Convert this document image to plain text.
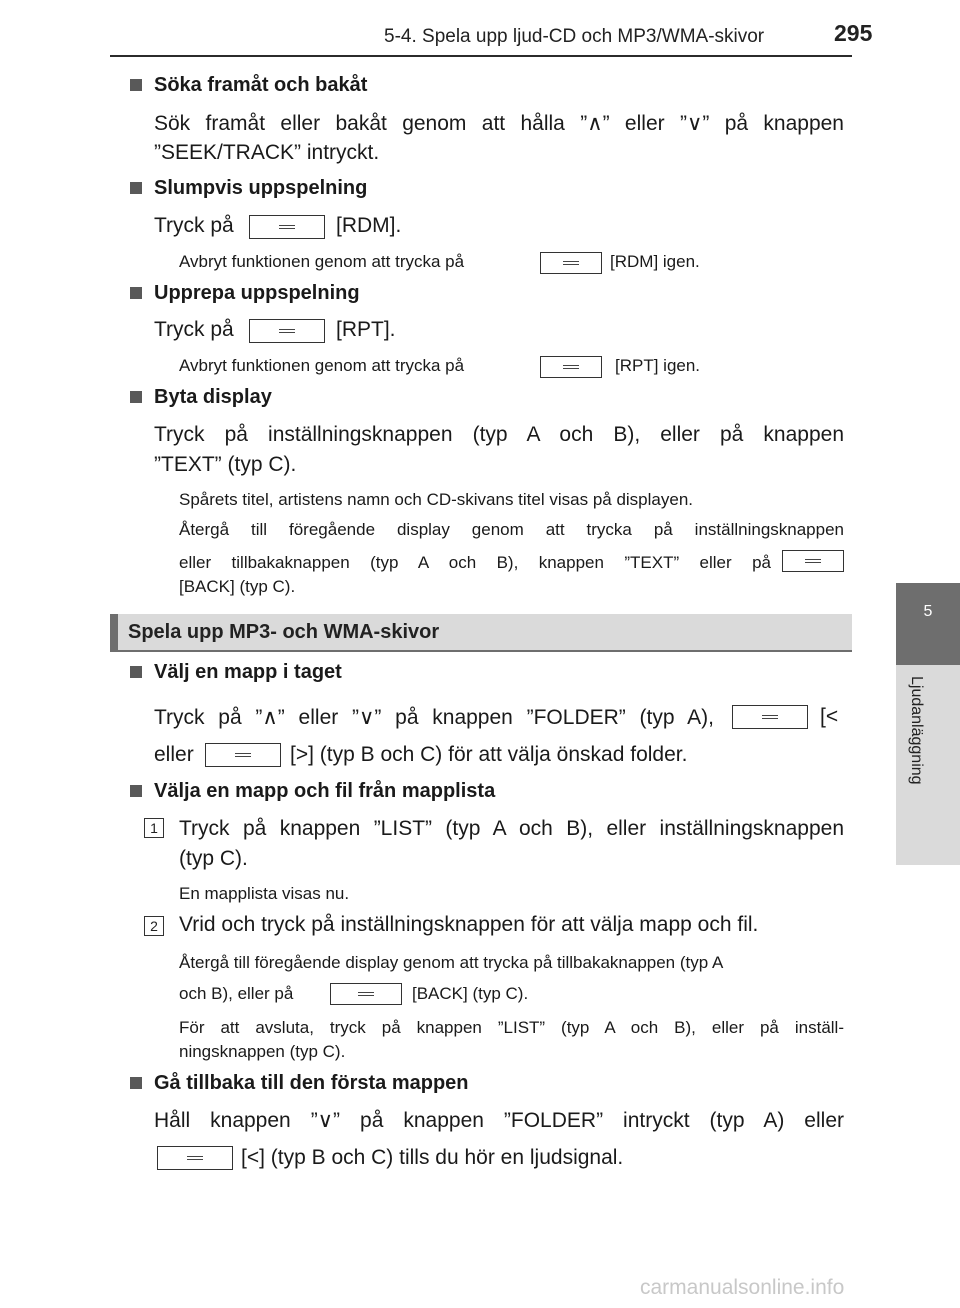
5-4. Spela upp ljud-CD och MP3/WMA-skivor	295
5
Ljudanläggning
Söka framåt och bakåt
Sök framåt eller bakåt genom att hålla ”∧” eller ”∨” på knappen
”SEEK/TRACK” intryckt.
Slumpvis uppspelning
Tryck på	[RDM].
Avbryt funktionen genom att trycka på	[RDM] igen.
Upprepa uppspelning
Tryck på	[RPT].
Avbryt funktionen genom att trycka på	[RPT] igen.
Byta display
Tryck på inställningsknappen (typ A och B), eller på knappen
”TEXT” (typ C).
Spårets titel, artistens namn och CD-skivans titel visas på displayen.
Återgå till föregående display genom att trycka på inställningsknappen
eller tillbakaknappen (typ A och B), knappen ”TEXT” eller på
[BACK] (typ C).
Spela upp MP3- och WMA-skivor
Välj en mapp i taget
Tryck på ”∧” eller ”∨” på knappen ”FOLDER” (typ A),	[<
eller	[>] (typ B och C) för att välja önskad folder.
Välja en mapp och fil från mapplista
1 Tryck på knappen ”LIST” (typ A och B), eller inställningsknappen
(typ C).
En mapplista visas nu.
2 Vrid och tryck på inställningsknappen för att välja mapp och fil.
Återgå till föregående display genom att trycka på tillbakaknappen (typ A
och B), eller på	[BACK] (typ C).
För att avsluta, tryck på knappen ”LIST” (typ A och B), eller på inställ-
ningsknappen (typ C).
Gå tillbaka till den första mappen
Håll knappen ”∨” på knappen ”FOLDER” intryckt (typ A) eller
[<] (typ B och C) tills du hör en ljudsignal.
carmanualsonline.info
